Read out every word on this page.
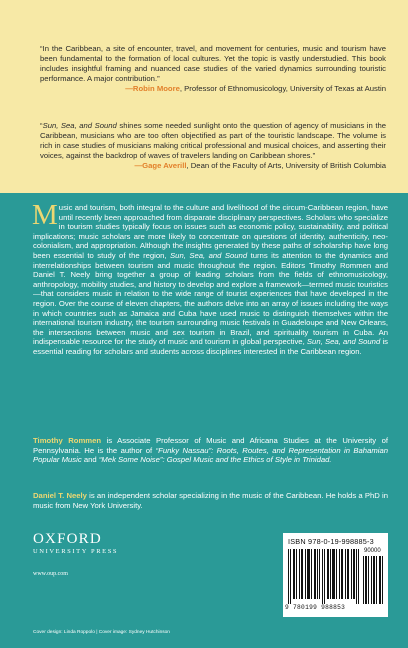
“In the Caribbean, a site of encounter, travel, and movement for centuries, music and tourism have been fundamental to the formation of local cultures. Yet the topic is vastly understudied. This book includes insightful framing and nuanced case studies of the varied dynamics surrounding touristic performance. A major contribution.”
—Robin Moore, Professor of Ethnomusicology, University of Texas at Austin
“Sun, Sea, and Sound shines some needed sunlight onto the question of agency of musicians in the Caribbean, musicians who are too often objectified as part of the touristic landscape. The volume is rich in case studies of musicians making critical professional and musical choices, and asserting their voices, against the backdrop of waves of travelers landing on Caribbean shores.”
—Gage Averill, Dean of the Faculty of Arts, University of British Columbia
Music and tourism, both integral to the culture and livelihood of the circum-Caribbean region, have until recently been approached from disparate disciplinary perspectives. Scholars who specialize in tourism studies typically focus on issues such as economic policy, sustainability, and political implications; music scholars are more likely to concentrate on questions of identity, authenticity, neo-colonialism, and appropriation. Although the insights generated by these paths of scholarship have long been essential to study of the region, Sun, Sea, and Sound turns its attention to the dynamics and interrelationships between tourism and music throughout the region. Editors Timothy Rommen and Daniel T. Neely bring together a group of leading scholars from the fields of ethnomusicology, anthropology, mobility studies, and history to develop and explore a framework—termed music touristics—that considers music in relation to the wide range of tourist experiences that have developed in the region. Over the course of eleven chapters, the authors delve into an array of issues including the ways in which countries such as Jamaica and Cuba have used music to distinguish themselves within the international tourism industry, the tourism surrounding music festivals in Guadeloupe and New Orleans, the intersections between music and sex tourism in Brazil, and spirituality tourism in Cuba. An indispensable resource for the study of music and tourism in global perspective, Sun, Sea, and Sound is essential reading for scholars and students across disciplines interested in the Caribbean region.
Timothy Rommen is Associate Professor of Music and Africana Studies at the University of Pennsylvania. He is the author of “Funky Nassau”: Roots, Routes, and Representation in Bahamian Popular Music and “Mek Some Noise”: Gospel Music and the Ethics of Style in Trinidad.
Daniel T. Neely is an independent scholar specializing in the music of the Caribbean. He holds a PhD in music from New York University.
OXFORD
UNIVERSITY PRESS
www.oup.com
ISBN 978-0-19-998885-3
90000
9 780199 988853
Cover design: Linda Roppolo | Cover image: Sydney Hutchinson
